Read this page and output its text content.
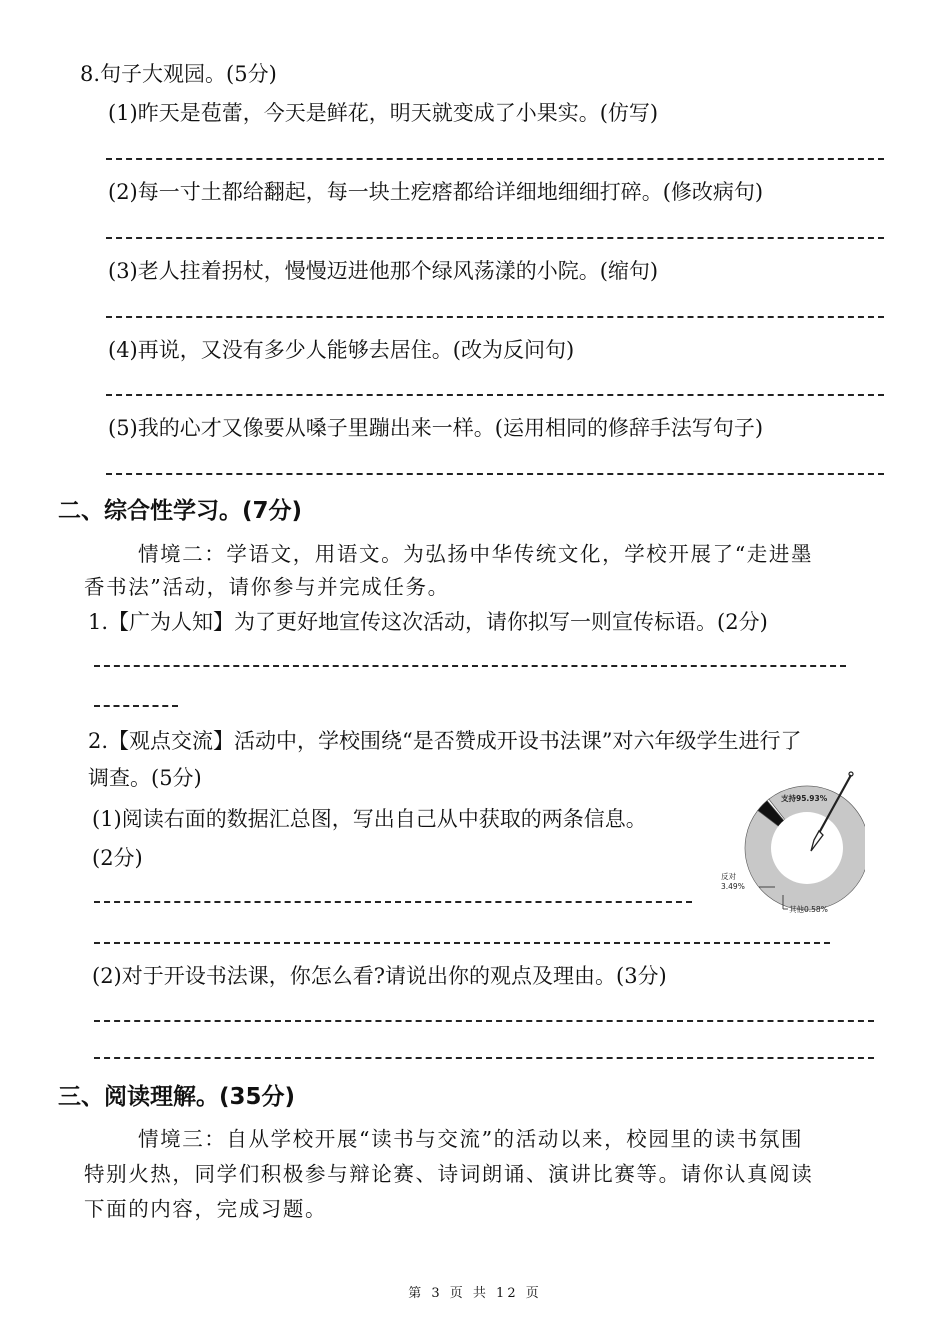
8.句子大观园。(5分)
(1)昨天是苞蕾，今天是鲜花，明天就变成了小果实。(仿写)
(2)每一寸土都给翻起，每一块土疙瘩都给详细地细细打碎。(修改病句)
(3)老人拄着拐杖，慢慢迈进他那个绿风荡漾的小院。(缩句)
(4)再说，又没有多少人能够去居住。(改为反问句)
(5)我的心才又像要从嗓子里蹦出来一样。(运用相同的修辞手法写句子)
二、综合性学习。(7分)
情境二：学语文，用语文。为弘扬中华传统文化，学校开展了“走进墨
香书法”活动，请你参与并完成任务。
1.【广为人知】为了更好地宣传这次活动，请你拟写一则宣传标语。(2分)
2.【观点交流】活动中，学校围绕“是否赞成开设书法课”对六年级学生进行了
调查。(5分)
(1)阅读右面的数据汇总图，写出自己从中获取的两条信息。
(2分)
(2)对于开设书法课，你怎么看?请说出你的观点及理由。(3分)
支持95.93%
反对
3.49%
其他0.58%
三、阅读理解。(35分)
情境三：自从学校开展“读书与交流”的活动以来，校园里的读书氛围
特别火热，同学们积极参与辩论赛、诗词朗诵、演讲比赛等。请你认真阅读
下面的内容，完成习题。
第 3 页 共 12 页
